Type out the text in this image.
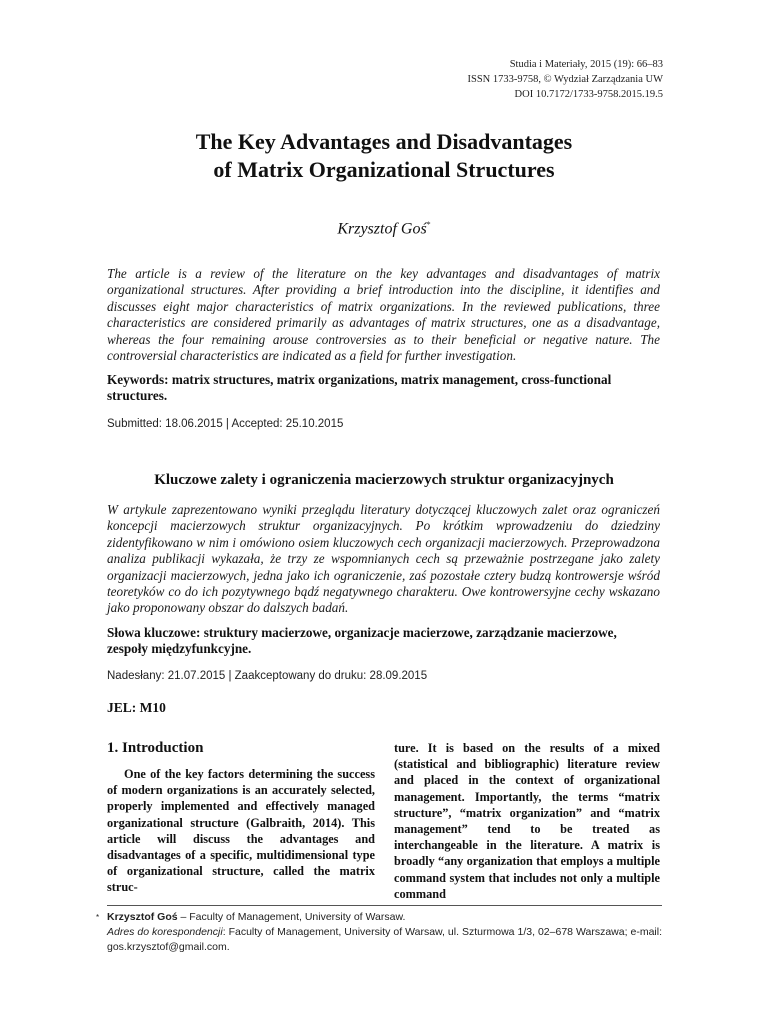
Studia i Materiały, 2015 (19): 66–83
ISSN 1733-9758, © Wydział Zarządzania UW
DOI 10.7172/1733-9758.2015.19.5
The Key Advantages and Disadvantages
of Matrix Organizational Structures
Krzysztof Goś*
The article is a review of the literature on the key advantages and disadvantages of matrix organizational structures. After providing a brief introduction into the discipline, it identifies and discusses eight major characteristics of matrix organizations. In the reviewed publications, three characteristics are considered primarily as advantages of matrix structures, one as a disadvantage, whereas the four remaining arouse controversies as to their beneficial or negative nature. The controversial characteristics are indicated as a field for further investigation.
Keywords: matrix structures, matrix organizations, matrix management, cross-functional structures.
Submitted: 18.06.2015 | Accepted: 25.10.2015
Kluczowe zalety i ograniczenia macierzowych struktur organizacyjnych
W artykule zaprezentowano wyniki przeglądu literatury dotyczącej kluczowych zalet oraz ograniczeń koncepcji macierzowych struktur organizacyjnych. Po krótkim wprowadzeniu do dziedziny zidentyfikowano w nim i omówiono osiem kluczowych cech organizacji macierzowych. Przeprowadzona analiza publikacji wykazała, że trzy ze wspomnianych cech są przeważnie postrzegane jako zalety organizacji macierzowych, jedna jako ich ograniczenie, zaś pozostałe cztery budzą kontrowersje wśród teoretyków co do ich pozytywnego bądź negatywnego charakteru. Owe kontrowersyjne cechy wskazano jako proponowany obszar do dalszych badań.
Słowa kluczowe: struktury macierzowe, organizacje macierzowe, zarządzanie macierzowe, zespoły międzyfunkcyjne.
Nadesłany: 21.07.2015 | Zaakceptowany do druku: 28.09.2015
JEL: M10
1. Introduction
One of the key factors determining the success of modern organizations is an accurately selected, properly implemented and effectively managed organizational structure (Galbraith, 2014). This article will discuss the advantages and disadvantages of a specific, multidimensional type of organizational structure, called the matrix struc-
ture. It is based on the results of a mixed (statistical and bibliographic) literature review and placed in the context of organizational management. Importantly, the terms “matrix structure”, “matrix organization” and “matrix management” tend to be treated as interchangeable in the literature. A matrix is broadly “any organization that employs a multiple command system that includes not only a multiple command
* Krzysztof Goś – Faculty of Management, University of Warsaw.
Adres do korespondencji: Faculty of Management, University of Warsaw, ul. Szturmowa 1/3, 02–678 Warszawa; e-mail: gos.krzysztof@gmail.com.
